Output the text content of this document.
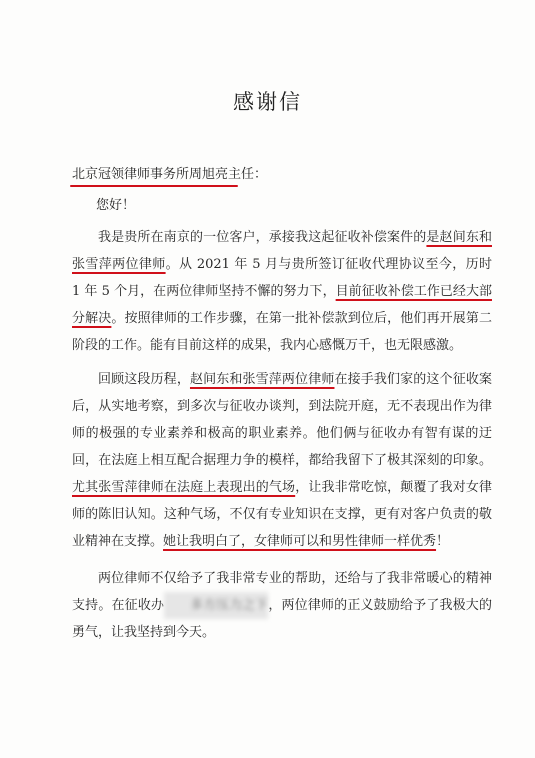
感谢信
北京冠领律师事务所周旭亮主任：
您好！

我是贵所在南京的一位客户，承接我这起征收补偿案件的是赵间东和张雪萍两位律师。从 2021 年 5 月与贵所签订征收代理协议至今，历时 1 年 5 个月，在两位律师坚持不懈的努力下，目前征收补偿工作已经大部分解决。按照律师的工作步骤，在第一批补偿款到位后，他们再开展第二阶段的工作。能有目前这样的成果，我内心感慨万千，也无限感激。

回顾这段历程，赵间东和张雪萍两位律师在接手我们家的这个征收案后，从实地考察，到多次与征收办谈判，到法院开庭，无不表现出作为律师的极强的专业素养和极高的职业素养。他们俩与征收办有智有谋的迂回，在法庭上相互配合据理力争的模样，都给我留下了极其深刻的印象。尤其张雪萍律师在法庭上表现出的气场，让我非常吃惊，颠覆了我对女律师的陈旧认知。这种气场，不仅有专业知识在支撑，更有对客户负责的敬业精神在支撑。她让我明白了，女律师可以和男性律师一样优秀！

两位律师不仅给予了我非常专业的帮助，还给与了我非常暖心的精神支持。在征收办 多方压力之下，两位律师的正义鼓励给予了我极大的勇气，让我坚持到今天。
